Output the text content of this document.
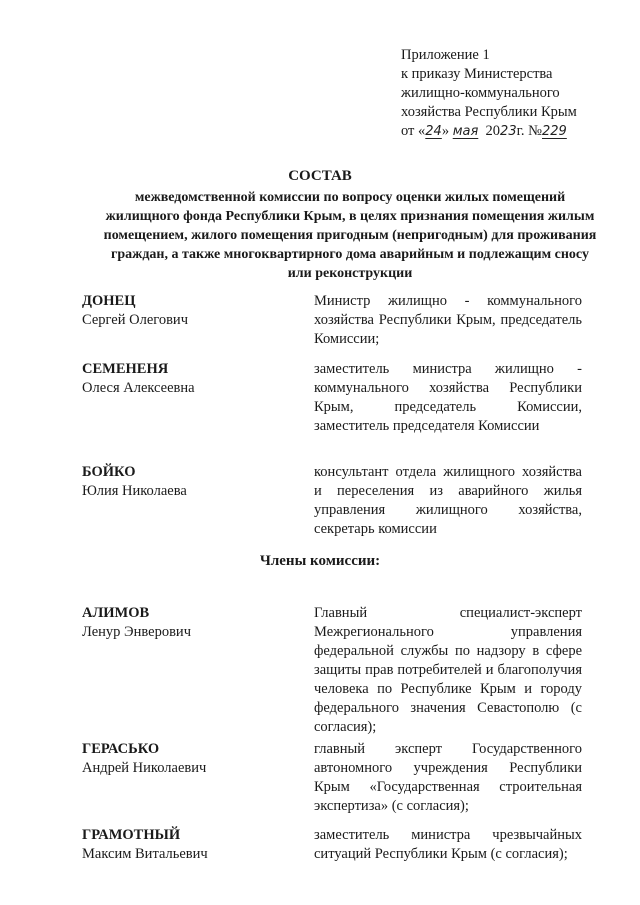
Приложение 1
к приказу Министерства
жилищно-коммунального
хозяйства Республики Крым
от «24» мая 2023г. №229
СОСТАВ
межведомственной комиссии по вопросу оценки жилых помещений жилищного фонда Республики Крым, в целях признания помещения жилым помещением, жилого помещения пригодным (непригодным) для проживания граждан, а также многоквартирного дома аварийным и подлежащим сносу или реконструкции
ДОНЕЦ
Сергей Олегович
Министр жилищно - коммунального хозяйства Республики Крым, председатель Комиссии;
СЕМЕНЕНЯ
Олеся Алексеевна
заместитель министра жилищно - коммунального хозяйства Республики Крым, председатель Комиссии, заместитель председателя Комиссии
БОЙКО
Юлия Николаева
консультант отдела жилищного хозяйства и переселения из аварийного жилья управления жилищного хозяйства, секретарь комиссии
Члены комиссии:
АЛИМОВ
Ленур Энверович
Главный специалист-эксперт Межрегионального управления федеральной службы по надзору в сфере защиты прав потребителей и благополучия человека по Республике Крым и городу федерального значения Севастополю (с согласия);
ГЕРАСЬКО
Андрей Николаевич
главный эксперт Государственного автономного учреждения Республики Крым «Государственная строительная экспертиза» (с согласия);
ГРАМОТНЫЙ
Максим Витальевич
заместитель министра чрезвычайных ситуаций Республики Крым (с согласия);
